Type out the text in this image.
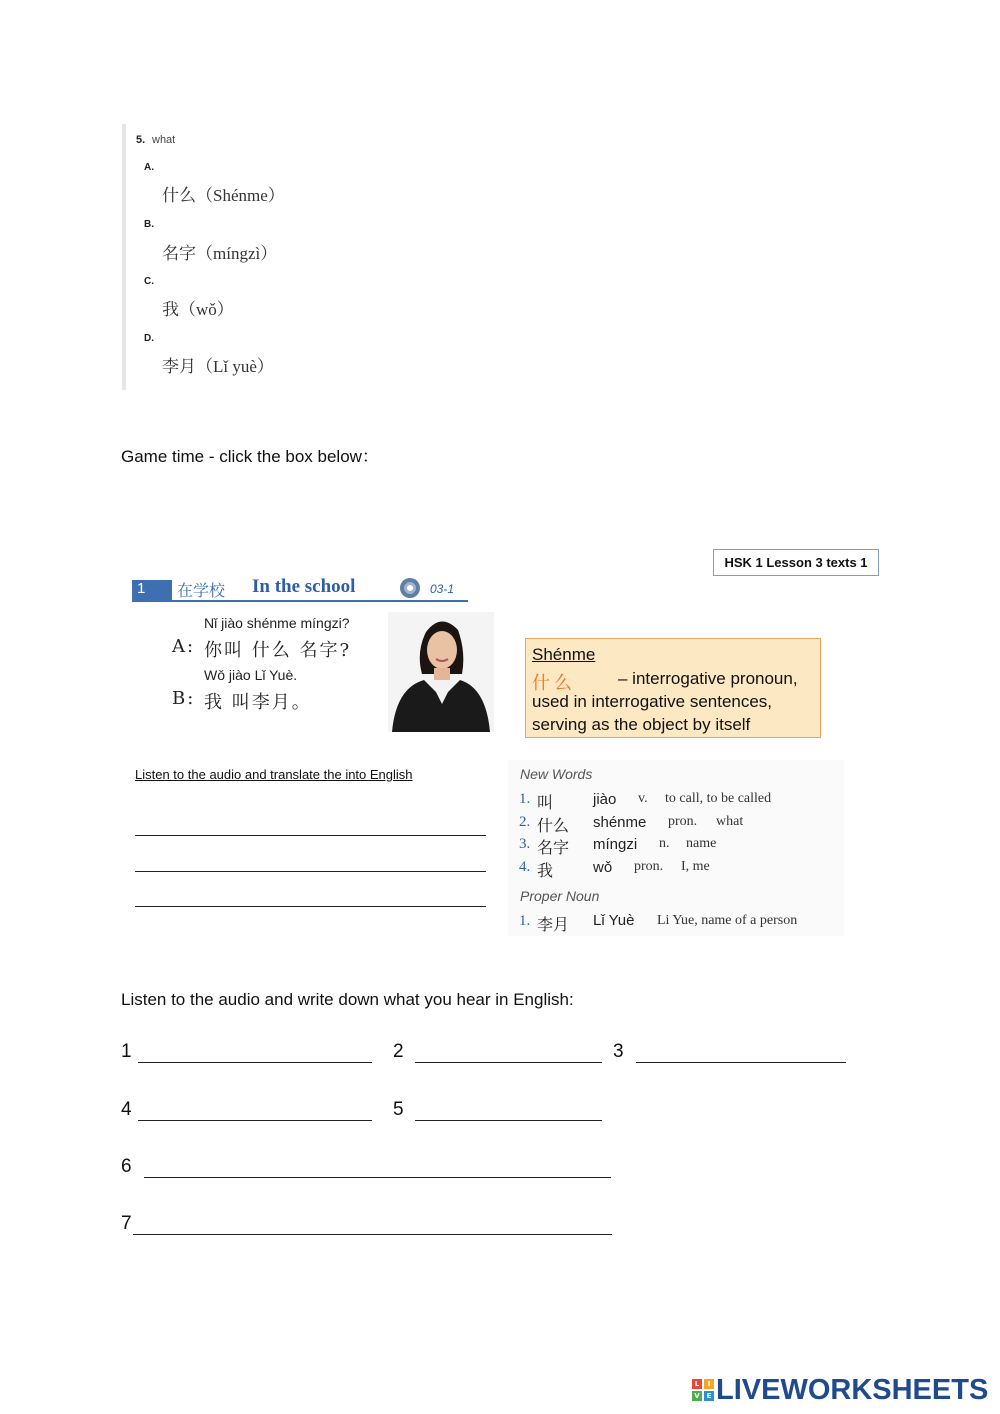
5. what
A.
什么（Shénme）
B.
名字（míngzì）
C.
我（wǒ）
D.
李月（Lǐ yuè）
Game time - click the box below：
HSK 1 Lesson 3 texts 1
1	在学校 In the school	03-1
Nǐ jiào shénme míngzi?
A: 你叫 什么 名字?
Wǒ jiào Lǐ Yuè.
B: 我 叫李月。
Shénme
什么 – interrogative pronoun,
used in interrogative sentences,
serving as the object by itself
Listen to the audio and translate the into English	New Words
1. 叫	jiào v. to call, to be called
2. 什么 shénme pron. what
3. 名字 míngzi n. name
4. 我	wǒ pron. I, me
Proper Noun
1. 李月 Lǐ Yuè Li Yue, name of a person
Listen to the audio and write down what you hear in English:
1	2	3
4	5
6
7
L	I
V E LIVEWORKSHEETS
